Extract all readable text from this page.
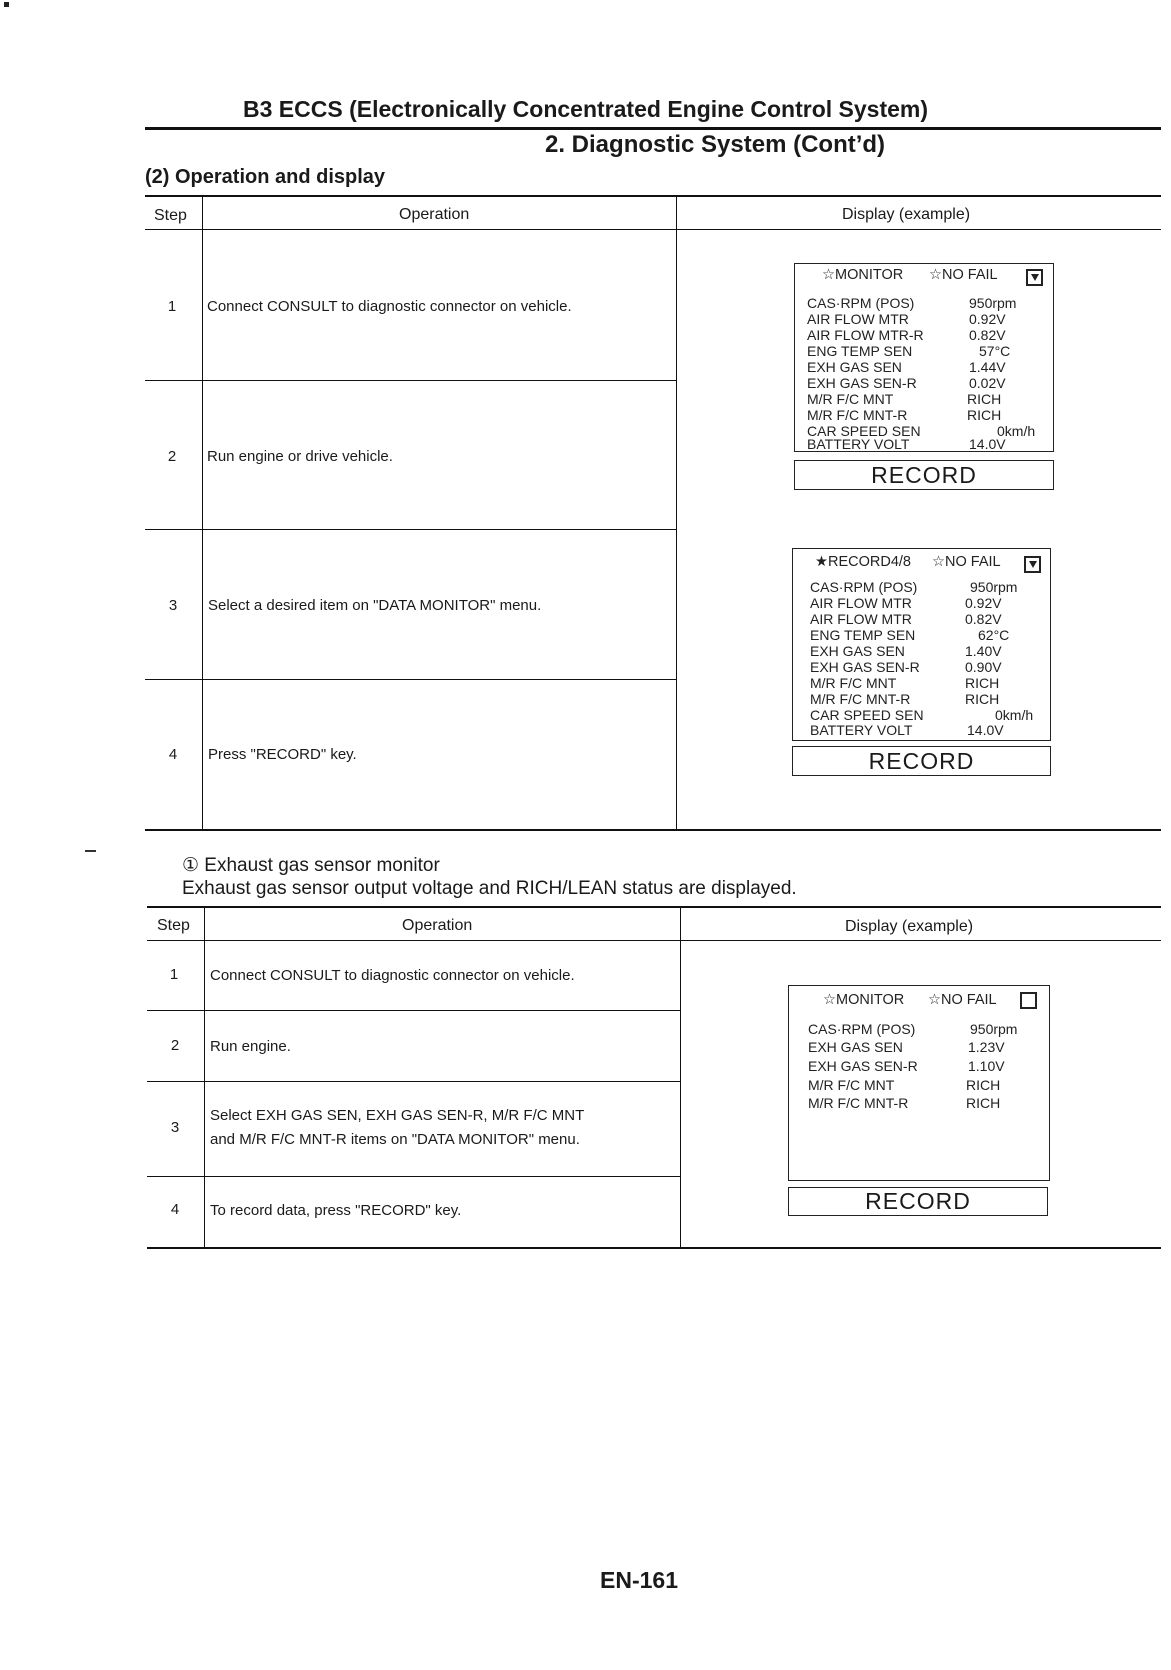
B3 ECCS (Electronically Concentrated Engine Control System)
2. Diagnostic System (Cont’d)
(2) Operation and display
Step	Operation	Display (example)
1	Connect CONSULT to diagnostic connector on vehicle.
2	Run engine or drive vehicle.
3	Select a desired item on "DATA MONITOR" menu.
4	Press "RECORD" key.
☆MONITOR ☆NO FAIL
CAS·RPM (POS)	950rpm
AIR FLOW MTR	0.92V
AIR FLOW MTR-R	0.82V
ENG TEMP SEN	57°C
EXH GAS SEN	1.44V
EXH GAS SEN-R	0.02V
M/R F/C MNT	RICH
M/R F/C MNT-R	RICH
CAR SPEED SEN	0km/h
BATTERY VOLT	14.0V
RECORD
★RECORD4/8 ☆NO FAIL
CAS·RPM (POS)	950rpm
AIR FLOW MTR	0.92V
AIR FLOW MTR	0.82V
ENG TEMP SEN	62°C
EXH GAS SEN	1.40V
EXH GAS SEN-R	0.90V
M/R F/C MNT	RICH
M/R F/C MNT-R	RICH
CAR SPEED SEN	0km/h
BATTERY VOLT	14.0V
RECORD
① Exhaust gas sensor monitor
Exhaust gas sensor output voltage and RICH/LEAN status are displayed.
Step	Operation	Display (example)
1	Connect CONSULT to diagnostic connector on vehicle.
2	Run engine.
3
Select EXH GAS SEN, EXH GAS SEN-R, M/R F/C MNT
and M/R F/C MNT-R items on "DATA MONITOR" menu.
4	To record data, press "RECORD" key.
☆MONITOR ☆NO FAIL
CAS·RPM (POS)	950rpm
EXH GAS SEN	1.23V
EXH GAS SEN-R	1.10V
M/R F/C MNT	RICH
M/R F/C MNT-R	RICH
RECORD
EN-161
